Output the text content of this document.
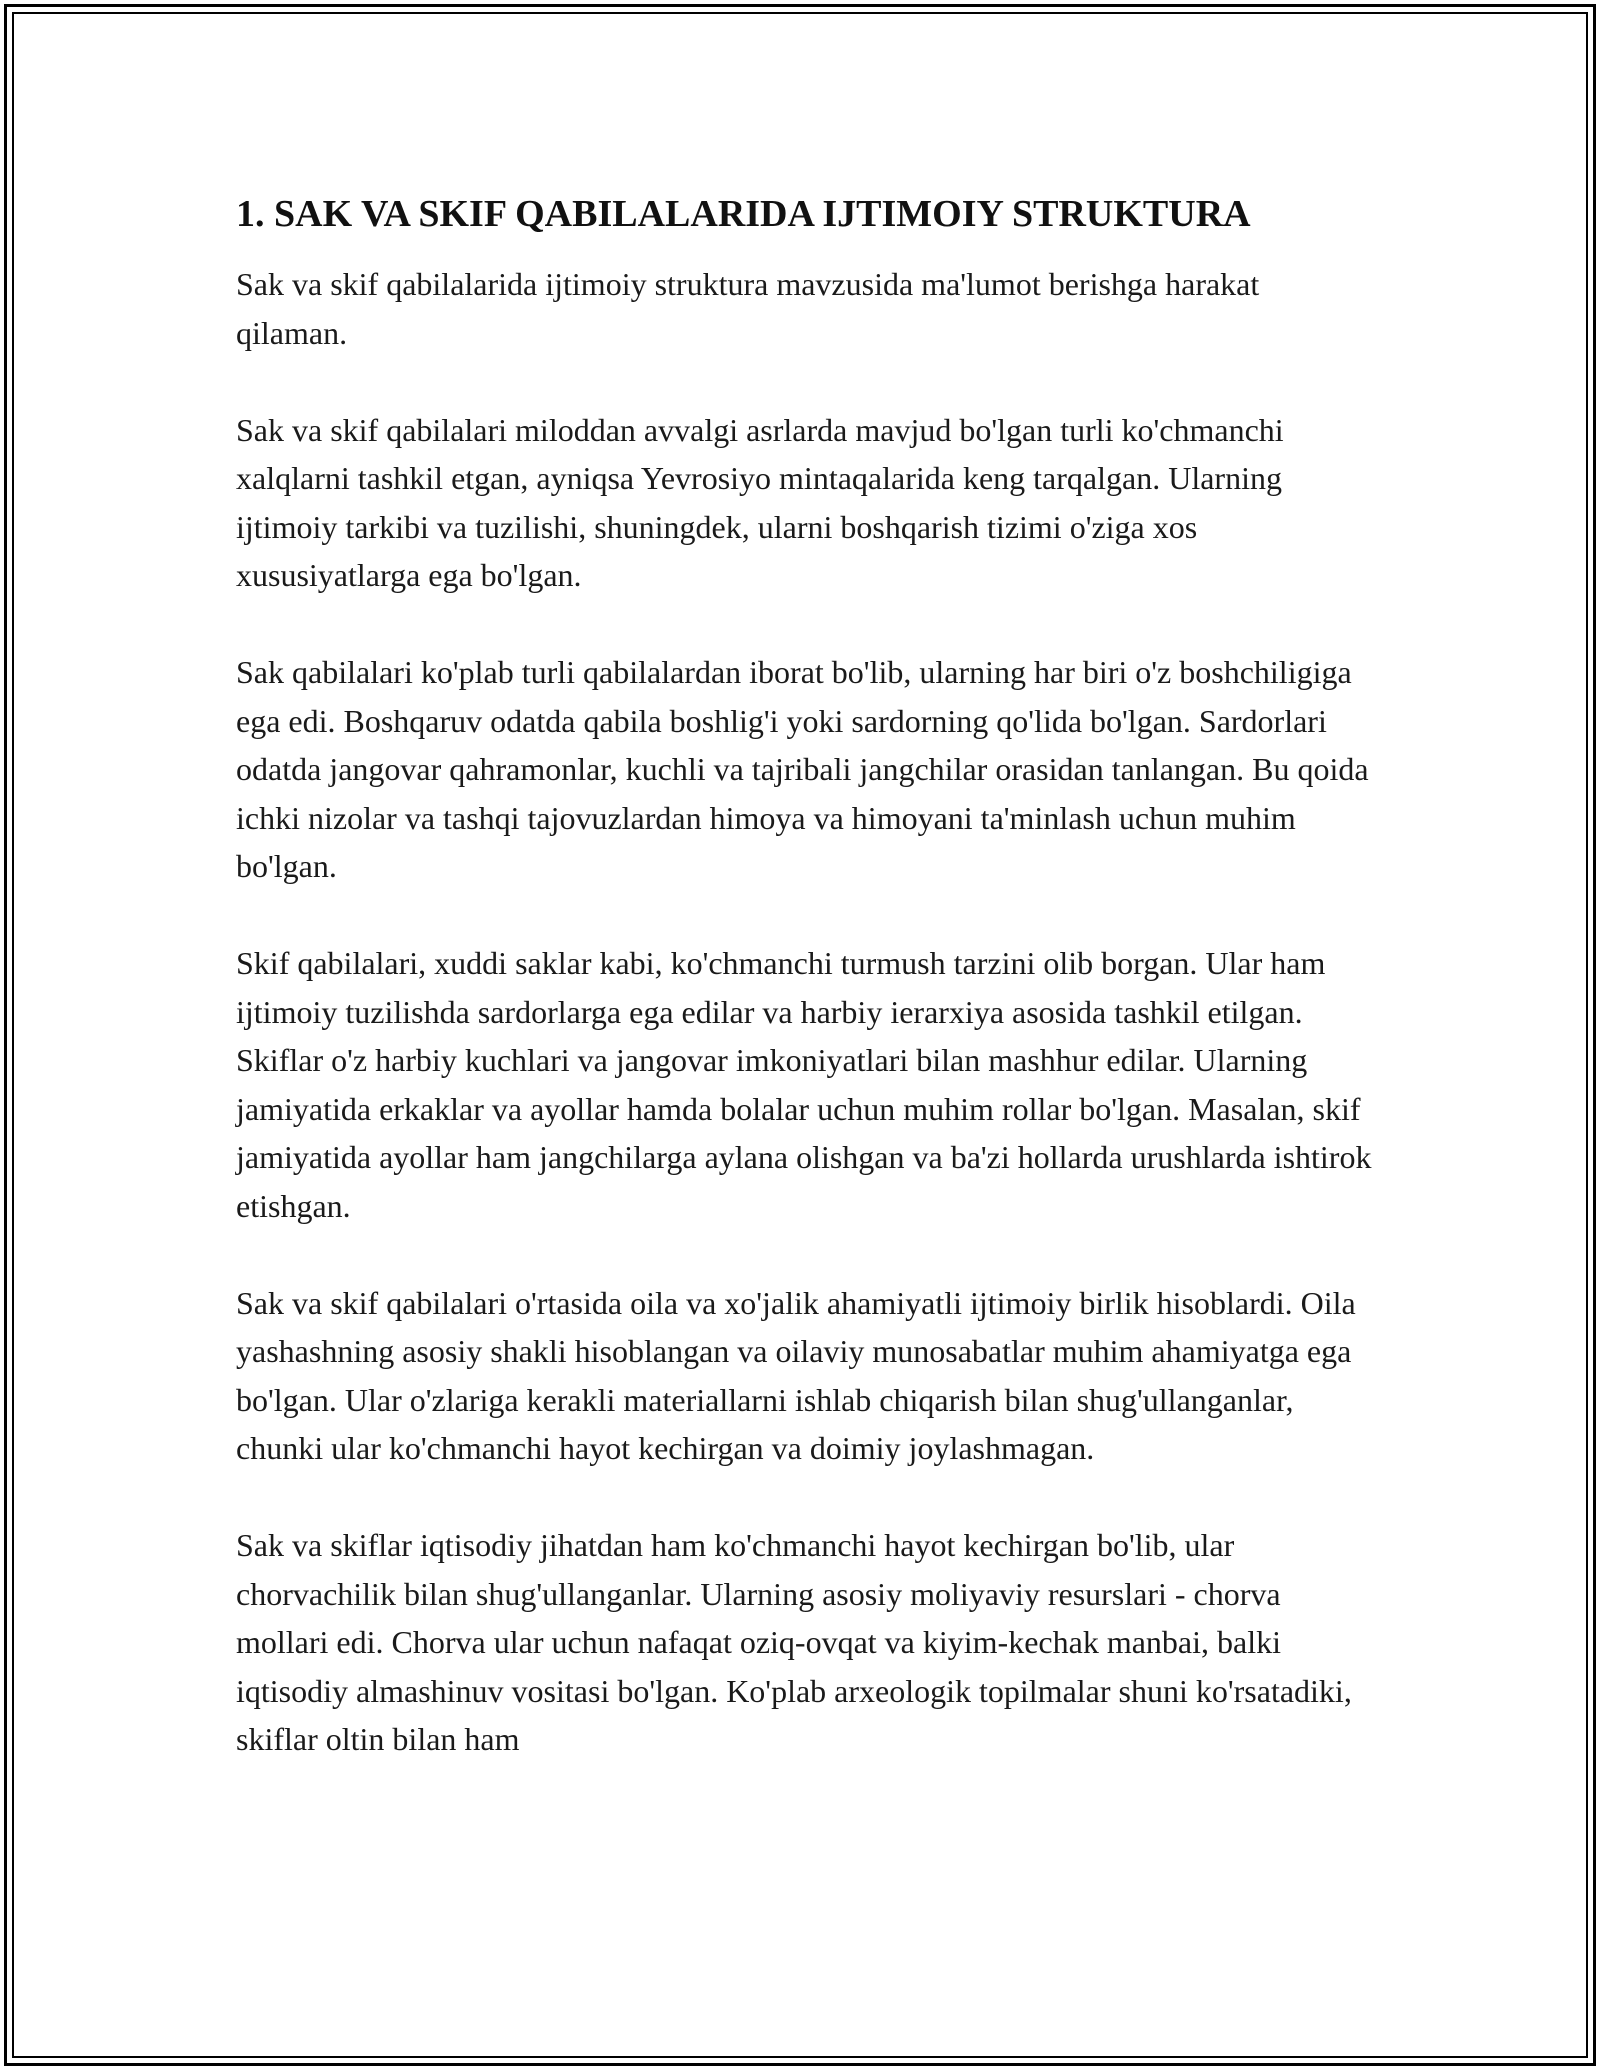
1. SAK VA SKIF QABILALARIDA IJTIMOIY STRUKTURA

Sak va skif qabilalarida ijtimoiy struktura mavzusida ma'lumot berishga harakat qilaman.

Sak va skif qabilalari miloddan avvalgi asrlarda mavjud bo'lgan turli ko'chmanchi xalqlarni tashkil etgan, ayniqsa Yevrosiyo mintaqalarida keng tarqalgan. Ularning ijtimoiy tarkibi va tuzilishi, shuningdek, ularni boshqarish tizimi o'ziga xos xususiyatlarga ega bo'lgan.

Sak qabilalari ko'plab turli qabilalardan iborat bo'lib, ularning har biri o'z boshchiligiga ega edi. Boshqaruv odatda qabila boshlig'i yoki sardorning qo'lida bo'lgan. Sardorlari odatda jangovar qahramonlar, kuchli va tajribali jangchilar orasidan tanlangan. Bu qoida ichki nizolar va tashqi tajovuzlardan himoya va himoyani ta'minlash uchun muhim bo'lgan.

Skif qabilalari, xuddi saklar kabi, ko'chmanchi turmush tarzini olib borgan. Ular ham ijtimoiy tuzilishda sardorlarga ega edilar va harbiy ierarxiya asosida tashkil etilgan. Skiflar o'z harbiy kuchlari va jangovar imkoniyatlari bilan mashhur edilar. Ularning jamiyatida erkaklar va ayollar hamda bolalar uchun muhim rollar bo'lgan. Masalan, skif jamiyatida ayollar ham jangchilarga aylana olishgan va ba'zi hollarda urushlarda ishtirok etishgan.

Sak va skif qabilalari o'rtasida oila va xo'jalik ahamiyatli ijtimoiy birlik hisoblardi. Oila yashashning asosiy shakli hisoblangan va oilaviy munosabatlar muhim ahamiyatga ega bo'lgan. Ular o'zlariga kerakli materiallarni ishlab chiqarish bilan shug'ullanganlar, chunki ular ko'chmanchi hayot kechirgan va doimiy joylashmagan.

Sak va skiflar iqtisodiy jihatdan ham ko'chmanchi hayot kechirgan bo'lib, ular chorvachilik bilan shug'ullanganlar. Ularning asosiy moliyaviy resurslari - chorva mollari edi. Chorva ular uchun nafaqat oziq-ovqat va kiyim-kechak manbai, balki iqtisodiy almashinuv vositasi bo'lgan. Ko'plab arxeologik topilmalar shuni ko'rsatadiki, skiflar oltin bilan ham
